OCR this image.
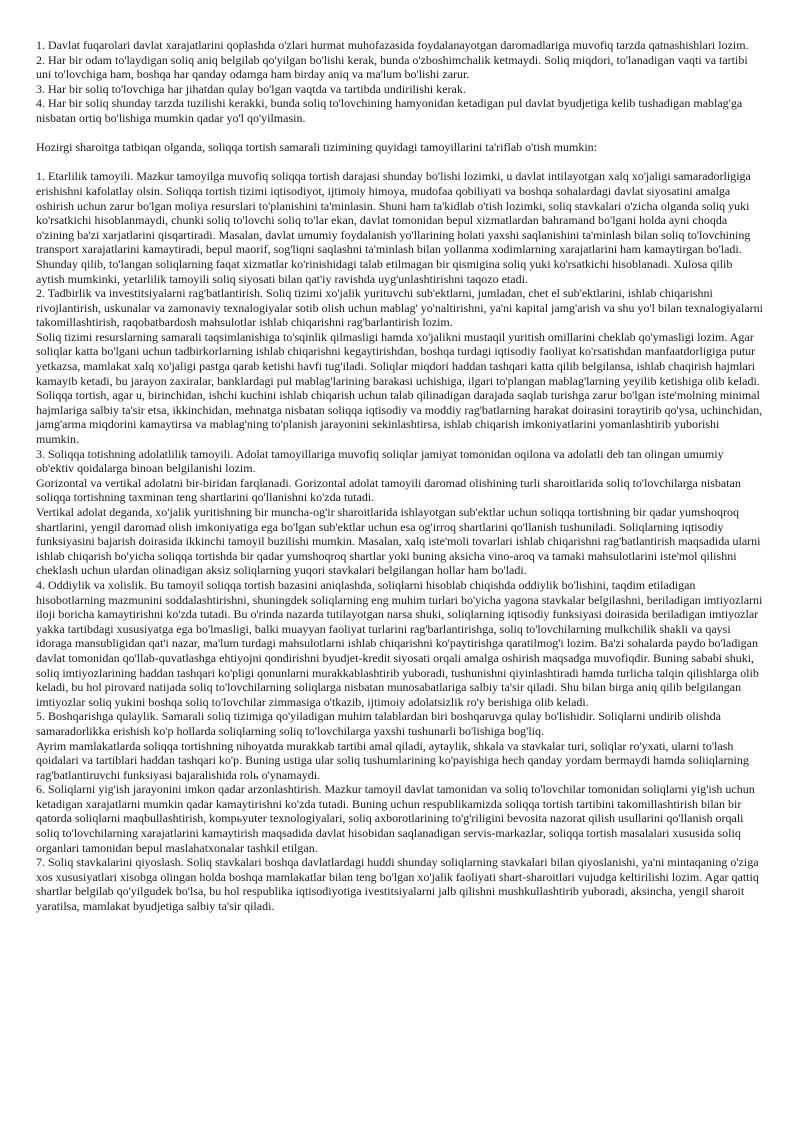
1. Davlat fuqarolari davlat xarajatlarini qoplashda o'zlari hurmat muhofazasida foydalanayotgan daromadlariga muvofiq tarzda qatnashishlari lozim.

2. Har bir odam to'laydigan soliq aniq belgilab qo'yilgan bo'lishi kerak, bunda o'zboshimchalik ketmaydi. Soliq miqdori, to'lanadigan vaqti va tartibi uni to'lovchiga ham, boshqa har qanday odamga ham birday aniq va ma'lum bo'lishi zarur.

3. Har bir soliq to'lovchiga har jihatdan qulay bo'lgan vaqtda va tartibda undirilishi kerak.

4. Har bir soliq shunday tarzda tuzilishi kerakki, bunda soliq to'lovchining hamyonidan ketadigan pul davlat byudjetiga kelib tushadigan mablag'ga nisbatan ortiq bo'lishiga mumkin qadar yo'l qo'yilmasin.

Hozirgi sharoitga tatbiqan olganda, soliqqa tortish samarali tizimining quyidagi tamoyillarini ta'riflab o'tish mumkin:

1. Etarlilik tamoyili. Mazkur tamoyilga muvofiq soliqqa tortish darajasi shunday bo'lishi lozimki, u davlat intilayotgan xalq xo'jaligi samaradorligiga erishishni kafolatlay olsin. Soliqqa tortish tizimi iqtisodiyot, ijtimoiy himoya, mudofaa qobiliyati va boshqa sohalardagi davlat siyosatini amalga oshirish uchun zarur bo'lgan moliya resurslari to'planishini ta'minlasin. Shuni ham ta'kidlab o'tish lozimki, soliq stavkalari o'zicha olganda soliq yuki ko'rsatkichi hisoblanmaydi, chunki soliq to'lovchi soliq to'lar ekan, davlat tomonidan bepul xizmatlardan bahramand bo'lgani holda ayni choqda o'zining ba'zi xarjatlarini qisqartiradi. Masalan, davlat umumiy foydalanish yo'llarining holati yaxshi saqlanishini ta'minlash bilan soliq to'lovchining transport xarajatlarini kamaytiradi, bepul maorif, sog'liqni saqlashni ta'minlash bilan yollanma xodimlarning xarajatlarini ham kamaytirgan bo'ladi. Shunday qilib, to'langan soliqlarning faqat xizmatlar ko'rinishidagi talab etilmagan bir qismigina soliq yuki ko'rsatkichi hisoblanadi. Xulosa qilib aytish mumkinki, yetarlilik tamoyili soliq siyosati bilan qat'iy ravishda uyg'unlashtirishni taqozo etadi.

2. Tadbirlik va investitsiyalarni rag'batlantirish. Soliq tizimi xo'jalik yurituvchi sub'ektlarni, jumladan, chet el sub'ektlarini, ishlab chiqarishni rivojlantirish, uskunalar va zamonaviy texnalogiyalar sotib olish uchun mablag' yo'naltirishni, ya'ni kapital jamg'arish va shu yo'l bilan texnalogiyalarni takomillashtirish, raqobatbardosh mahsulotlar ishlab chiqarishni rag'barlantirish lozim.

Soliq tizimi resurslarning samarali taqsimlanishiga to'sqinlik qilmasligi hamda xo'jalikni mustaqil yuritish omillarini cheklab qo'ymasligi lozim. Agar soliqlar katta bo'lgani uchun tadbirkorlarning ishlab chiqarishni kegaytirishdan, boshqa turdagi iqtisodiy faoliyat ko'rsatishdan manfaatdorligiga putur yetkazsa, mamlakat xalq xo'jaligi pastga qarab ketishi havfi tug'iladi. Soliqlar miqdori haddan tashqari katta qilib belgilansa, ishlab chaqirish hajmlari kamayib ketadi, bu jarayon zaxiralar, banklardagi pul mablag'larining barakasi uchishiga, ilgari to'plangan mablag'larning yeyilib ketishiga olib keladi.

Soliqqa tortish, agar u, birinchidan, ishchi kuchini ishlab chiqarish uchun talab qilinadigan darajada saqlab turishga zarur bo'lgan iste'molning minimal hajmlariga salbiy ta'sir etsa, ikkinchidan, mehnatga nisbatan soliqqa iqtisodiy va moddiy rag'batlarning harakat doirasini toraytirib qo'ysa, uchinchidan, jamg'arma miqdorini kamaytirsa va mablag'ning to'planish jarayonini sekinlashtirsa, ishlab chiqarish imkoniyatlarini yomanlashtirib yuborishi mumkin.

3. Soliqqa totishning adolatlilik tamoyili. Adolat tamoyillariga muvofiq soliqlar jamiyat tomonidan oqilona va adolatli deb tan olingan umumiy ob'ektiv qoidalarga binoan belgilanishi lozim.

Gorizontal va vertikal adolatni bir-biridan farqlanadi. Gorizontal adolat tamoyili daromad olishining turli sharoitlarida soliq to'lovchilarga nisbatan soliqqa tortishning taxminan teng shartlarini qo'llanishni ko'zda tutadi.

Vertikal adolat deganda, xo'jalik yuritishning bir muncha-og'ir sharoitlarida ishlayotgan sub'ektlar uchun soliqqa tortishning bir qadar yumshoqroq shartlarini, yengil daromad olish imkoniyatiga ega bo'lgan sub'ektlar uchun esa og'irroq shartlarini qo'llanish tushuniladi. Soliqlarning iqtisodiy funksiyasini bajarish doirasida ikkinchi tamoyil buzilishi mumkin. Masalan, xalq iste'moli tovarlari ishlab chiqarishni rag'batlantirish maqsadida ularni ishlab chiqarish bo'yicha soliqqa tortishda bir qadar yumshoqroq shartlar yoki buning aksicha vino-aroq va tamaki mahsulotlarini iste'mol qilishni cheklash uchun ulardan olinadigan aksiz soliqlarning yuqori stavkalari belgilangan hollar ham bo'ladi.

4. Oddiylik va xolislik. Bu tamoyil soliqqa tortish bazasini aniqlashda, soliqlarni hisoblab chiqishda oddiylik bo'lishini, taqdim etiladigan hisobotlarning mazmunini soddalashtirishni, shuningdek soliqlarning eng muhim turlari bo'yicha yagona stavkalar belgilashni, beriladigan imtiyozlarni iloji boricha kamaytirishni ko'zda tutadi. Bu o'rinda nazarda tutilayotgan narsa shuki, soliqlarning iqtisodiy funksiyasi doirasida beriladigan imtiyozlar yakka tartibdagi xususiyatga ega bo'lmasligi, balki muayyan faoliyat turlarini rag'barlantirishga, soliq to'lovchilarning mulkchilik shakli va qaysi idoraga mansubligidan qat'i nazar, ma'lum turdagi mahsulotlarni ishlab chiqarishni ko'paytirishga qaratilmog'i lozim. Ba'zi sohalarda paydo bo'ladigan davlat tomonidan qo'llab-quvatlashga ehtiyojni qondirishni byudjet-kredit siyosati orqali amalga oshirish maqsadga muvofiqdir. Buning sababi shuki, soliq imtiyozlarining haddan tashqari ko'pligi qonunlarni murakkablashtirib yuboradi, tushunishni qiyinlashtiradi hamda turlicha talqin qilishlarga olib keladi, bu hol pirovard natijada soliq to'lovchilarning soliqlarga nisbatan munosabatlariga salbiy ta'sir qiladi. Shu bilan birga aniq qilib belgilangan imtiyozlar soliq yukini boshqa soliq to'lovchilar zimmasiga o'tkazib, ijtimoiy adolatsizlik ro'y berishiga olib keladi.

5. Boshqarishga qulaylik. Samarali soliq tizimiga qo'yiladigan muhim talablardan biri boshqaruvga qulay bo'lishidir. Soliqlarni undirib olishda samaradorlikka erishish ko'p hollarda soliqlarning soliq to'lovchilarga yaxshi tushunarli bo'lishiga bog'liq.

Ayrim mamlakatlarda soliqqa tortishning nihoyatda murakkab tartibi amal qiladi, aytaylik, shkala va stavkalar turi, soliqlar ro'yxati, ularni to'lash qoidalari va tartiblari haddan tashqari ko'p. Buning ustiga ular soliq tushumlarining ko'payishiga hech qanday yordam bermaydi hamda soliiqlarning rag'batlantiruvchi funksiyasi bajaralishida rolь o'ynamaydi.

6. Soliqlarni yig'ish jarayonini imkon qadar arzonlashtirish. Mazkur tamoyil davlat tamonidan va soliq to'lovchilar tomonidan soliqlarni yig'ish uchun ketadigan xarajatlarni mumkin qadar kamaytirishni ko'zda tutadi. Buning uchun respublikamizda soliqqa tortish tartibini takomillashtirish bilan bir qatorda soliqlarni maqbullashtirish, kompьyuter texnologiyalari, soliq axborotlarining to'g'riligini bevosita nazorat qilish usullarini qo'llanish orqali soliq to'lovchilarning xarajatlarini kamaytirish maqsadida davlat hisobidan saqlanadigan servis-markazlar, soliqqa tortish masalalari xususida soliq organlari tamonidan bepul maslahatxonalar tashkil etilgan.

7. Soliq stavkalarini qiyoslash. Soliq stavkalari boshqa davlatlardagi huddi shunday soliqlarning stavkalari bilan qiyoslanishi, ya'ni mintaqaning o'ziga xos xususiyatlari xisobga olingan holda boshqa mamlakatlar bilan teng bo'lgan xo'jalik faoliyati shart-sharoitlari vujudga keltirilishi lozim. Agar qattiq shartlar belgilab qo'yilgudek bo'lsa, bu hol respublika iqtisodiyotiga ivestitsiyalarni jalb qilishni mushkullashtirib yuboradi, aksincha, yengil sharoit yaratilsa, mamlakat byudjetiga salbiy ta'sir qiladi.
